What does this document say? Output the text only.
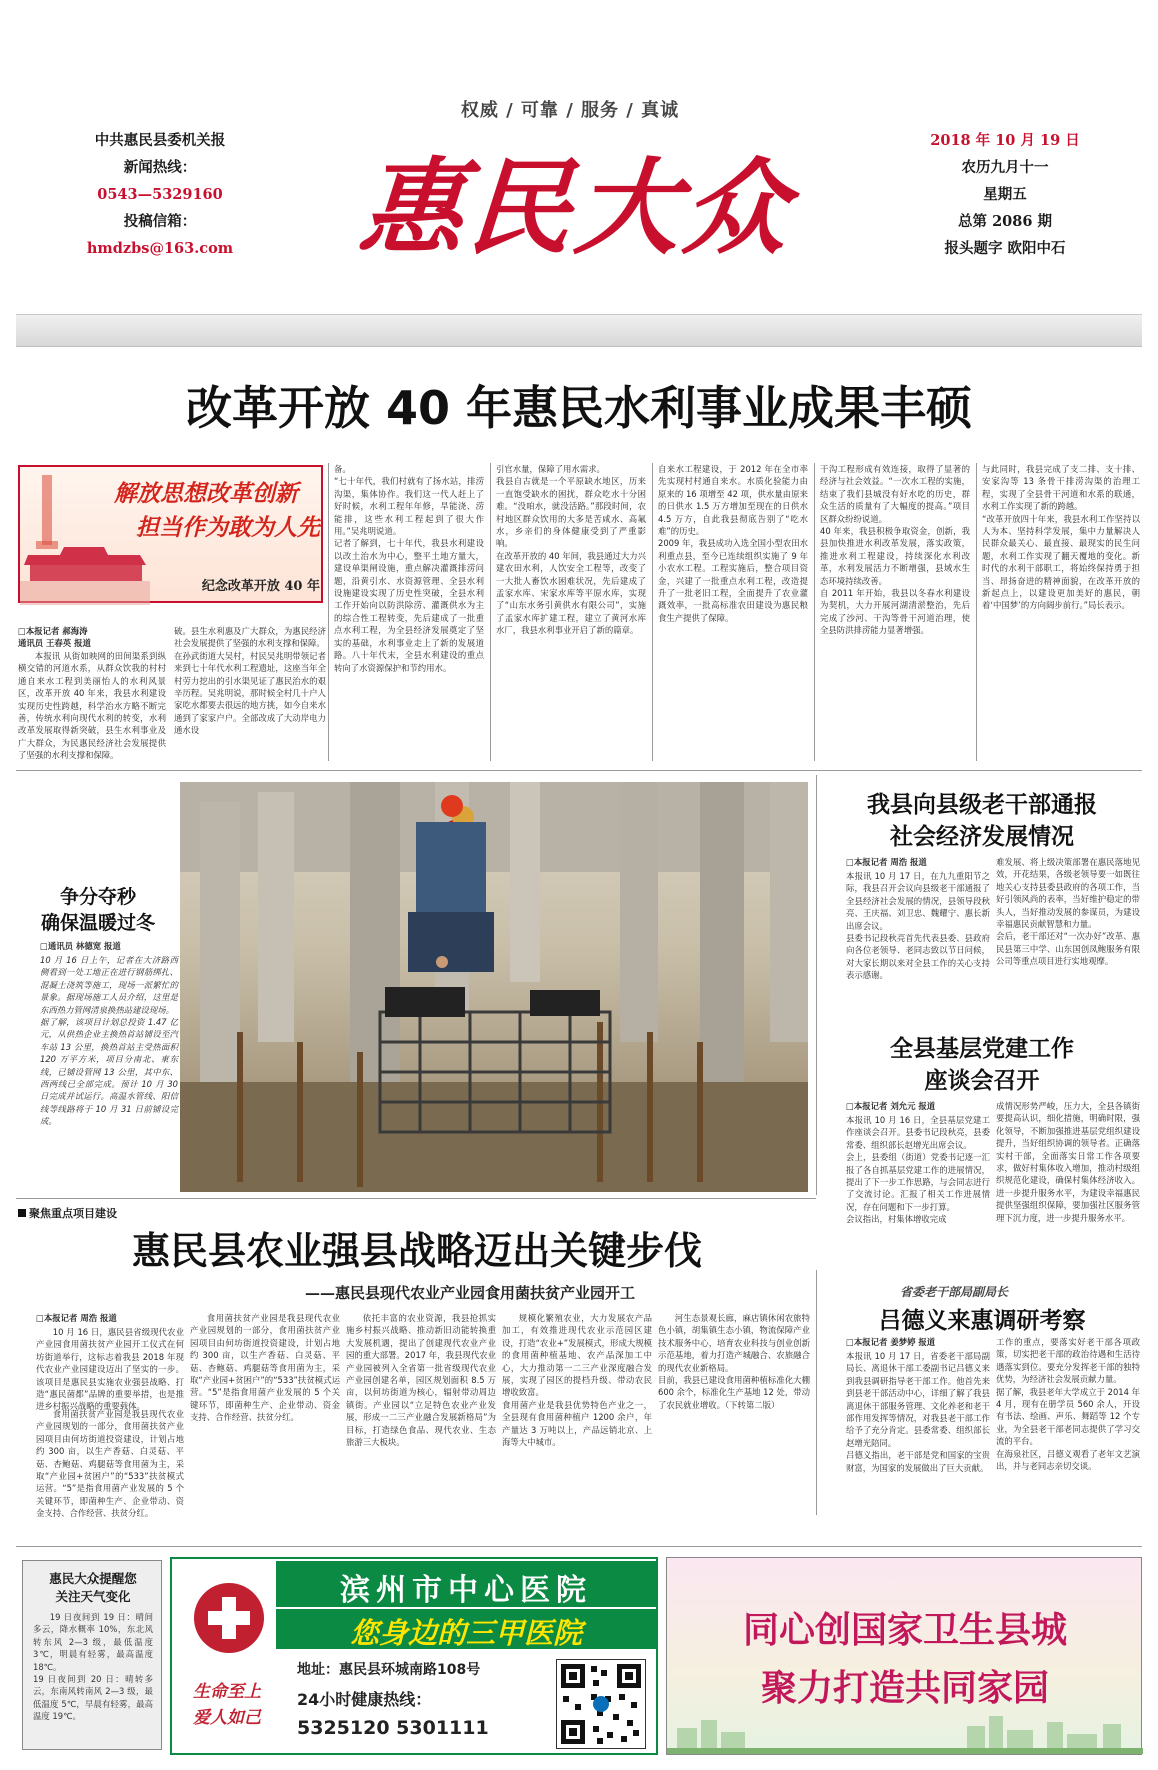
权威 / 可靠 / 服务 / 真诚
中共惠民县委机关报
新闻热线：
0543—5329160
投稿信箱：
hmdzbs@163.com 惠民大众
2018 年 10 月 19 日
农历九月十一
星期五
总第 2086 期
报头题字 欧阳中石
改革开放 40 年惠民水利事业成果丰硕
解放思想改革创新
担当作为敢为人先
纪念改革开放 40 年
□本报记者 郝海涛
通讯员 王春英 报道
本报讯 从街如映网的田间渠系到纵横交错的河道水系，从群众饮我的村村通自来水工程到美丽怡人的水利风景区，改革开放 40 年来，我县水利建设实现历史性跨越，科学治水方略不断完善，传统水利向现代水利的转变，水利改革发展取得新突破，县生水利事业及广大群众，为民惠民经济社会发展提供了坚强的水利支撑和保障。
破。县生水利惠及广大群众，为惠民经济社会发展提供了坚强的水利支撑和保障。
在孙武街道大吴村，村民吴兆明带领记者来到七十年代水利工程遗址，这座当年全村劳力挖出的引水渠见证了惠民治水的艰辛历程。吴兆明说，那时候全村几十户人家吃水都要去很远的地方挑，如今自来水通到了家家户户。全部改成了大动岸电力通水设
备。
“七十年代，我们村就有了扬水站，排涝沟渠，集体协作。我们这一代人赶上了好时候，水利工程年年修，旱能浇、涝能排，这些水利工程起到了很大作用。”吴兆明说道。
记者了解到，七十年代，我县水利建设以改土治水为中心，整平土地方量大，建设单渠闸设施，重点解决灌溉排涝问题，沿黄引水、水资源管理、全县水利设施建设实现了历史性突破，全县水利工作开始向以防洪除涝、灌溉供水为主的综合性工程转变，先后建成了一批重点水利工程，为全县经济发展奠定了坚实的基础，水利事业走上了新的发展道路。八十年代末，全县水利建设的重点转向了水资源保护和节约用水。
引官水量，保障了用水需求。
我县自古就是一个平原缺水地区，历来一直饱受缺水的困扰，群众吃水十分困难。“没咱水，就没活路。”那段时间，农村地区群众饮用的大多是苦咸水、高氟水，乡亲们的身体健康受到了严重影响。
在改革开放的 40 年间，我县通过大力兴建农田水利，人饮安全工程等，改变了一大批人畜饮水困难状况，先后建成了孟家水库、宋家水库等平原水库，实现了“山东水务引黄供水有限公司”，实施了孟家水库扩建工程，建立了黄河水库水厂，我县水利事业开启了新的篇章。
自来水工程建设，于 2012 年在全市率先实现村村通自来水。水质化验能力由原来的 16 项增至 42 项，供水量由原来的日供水 1.5 万方增加至现在的日供水 4.5 万方，自此我县彻底告别了“吃水难”的历史。
2009 年，我县成功入选全国小型农田水利重点县，至今已连续组织实施了 9 年小农水工程。工程实施后，整合项目资金，兴建了一批重点水利工程，改造提升了一批老旧工程，全面提升了农业灌溉效率，一批高标准农田建设为惠民粮食生产提供了保障。
干沟工程形成有效连接，取得了显著的经济与社会效益。“一次水工程的实施，结束了我们县城没有好水吃的历史，群众生活的质量有了大幅度的提高。”项目区群众纷纷说道。
40 年来，我县积极争取资金，创新，我县加快推进水利改革发展，落实政策，推进水利工程建设，持续深化水利改革，水利发展活力不断增强，县域水生态环境持续改善。
自 2011 年开始，我县以冬春水利建设为契机，大力开展河湖清淤整治，先后完成了沙河、干沟等骨干河道治理，使全县防洪排涝能力显著增强。
与此同时，我县完成了支二排、支十排、安家沟等 13 条骨干排涝沟渠的治理工程，实现了全县骨干河道和水系的联通，水利工作实现了新的跨越。
“改革开放四十年来，我县水利工作坚持以人为本、坚持科学发展，集中力量解决人民群众最关心、最直接、最现实的民生问题，水利工作实现了翻天覆地的变化。新时代的水利干部职工，将始终保持勇于担当、昂扬奋进的精神面貌，在改革开放的新起点上，以建设更加美好的惠民，朝着‘中国梦’的方向阔步前行。”局长表示。
争分夺秒
确保温暖过冬
□通讯员 林德宽 报道
10 月 16 日上午，记者在大济路西侧看到一处工地正在进行钢筋绑扎、混凝土浇筑等施工，现场一派繁忙的景象。据现场施工人员介绍，这里是东西热力管网清泉换热站建设现场。
据了解，该项目计划总投资 1.47 亿元，从供热企业主换热首站铺设至汽车站 13 公里，换热首站主受热面积 120 万平方米，项目分南北、東东线，已铺设管网 13 公里，其中东、西两线已全部完成。预计 10 月 30 日完成并试运行。高温水管线、阳信线等线路将于 10 月 31 日前铺设完成。
我县向县级老干部通报
社会经济发展情况
□本报记者 周浩 报道
本报讯 10 月 17 日，在九九重阳节之际，我县召开会议向县级老干部通报了全县经济社会发展的情况，县领导段秋亮、王庆福、刘卫忠、魏耀宁、惠长新出席会议。
县委书记段秋亮首先代表县委、县政府向各位老领导、老同志致以节日问候，对大家长期以来对全县工作的关心支持表示感谢。
难发展、将上级决策部署在惠民落地见效，开花结果，各级老领导要一如既往地关心支持县委县政府的各项工作，当好引领风尚的表率，当好维护稳定的带头人，当好推动发展的参谋员，为建设幸福惠民贡献智慧和力量。
会后，老干部还对“一次办好”改革、惠民县第三中学、山东国创凤鲍服务有限公司等重点项目进行实地观摩。
全县基层党建工作
座谈会召开
□本报记者 刘允元 报道
本报讯 10 月 16 日，全县基层党建工作座谈会召开。县委书记段秋亮，县委常委、组织部长赵增光出席会议。
会上，县委组（街道）党委书记逐一汇报了各自抓基层党建工作的进展情况，提出了下一步工作思路，与会同志进行了交流讨论。汇报了相关工作进展情况，存在问题和下一步打算。
会议指出，村集体增收完成
成情况形势严峻，压力大，全县各镇街要提高认识，细化措施，明确时限，强化领导，不断加强推进基层党组织建设提升，当好组织协调的领导者。正确落实村干部，全面落实日常工作各项要求，做好村集体收入增加，推动村级组织规范化建设，确保村集体经济收入。进一步提升服务水平，为建设幸福惠民提供坚强组织保障，要加强社区服务管理下沉力度，进一步提升服务水平。
聚焦重点项目建设
惠民县农业强县战略迈出关键步伐
——惠民县现代农业产业园食用菌扶贫产业园开工
□本报记者 周浩 报道
10 月 16 日，惠民县省级现代农业产业园食用菌扶贫产业园开工仪式在何坊街道举行，这标志着我县 2018 年现代农业产业园建设迈出了坚实的一步。该项目是惠民县实施农业强县战略、打造“惠民菌都”品牌的重要举措，也是推进乡村振兴战略的重要载体。
食用菌扶贫产业园是我县现代农业产业园规划的一部分，食用菌扶贫产业园项目由何坊街道投资建设，计划占地约 300 亩，以生产香菇、白灵菇、平菇、杏鲍菇、鸡腿菇等食用菌为主，采取“产业园+贫困户”的“533”扶贫模式运营。“5”是指食用菌产业发展的 5 个关键环节，即菌种生产、企业带动、资金支持、合作经营、扶贫分红。
食用菌扶贫产业园是我县现代农业产业园规划的一部分，食用菌扶贫产业园项目由何坊街道投资建设，计划占地约 300 亩，以生产香菇、白灵菇、平菇、杏鲍菇、鸡腿菇等食用菌为主，采取“产业园+贫困户”的“533”扶贫模式运营。“5”是指食用菌产业发展的 5 个关键环节，即菌种生产、企业带动、资金支持、合作经营、扶贫分红。
依托丰富的农业资源，我县抢抓实施乡村振兴战略、推动新旧动能转换重大发展机遇，提出了创建现代农业产业园的重大部署。2017 年，我县现代农业产业园被列入全省第一批省级现代农业产业园创建名单，园区规划面积 8.5 万亩，以何坊街道为核心，辐射带动周边镇街。产业园以“立足特色农业产业发展，形成一二三产业融合发展新格局”为目标，打造绿色食品、现代农业、生态旅游三大板块。
规模化繁殖农业，大力发展农产品加工，有效推进现代农业示范园区建设，打造“农业+”发展模式，形成大规模的食用菌种植基地、农产品深加工中心，大力推动第一二三产业深度融合发展，实现了园区的提档升级、带动农民增收致富。
食用菌产业是我县优势特色产业之一，全县现有食用菌种植户 1200 余户，年产量达 3 万吨以上，产品远销北京、上海等大中城市。
河生态景观长廊，麻店镇休闲农旅特色小镇，胡集镇生态小镇，物流保障产业技术服务中心，培育农业科技与创业创新示范基地，着力打造产城融合、农旅融合的现代农业新格局。
目前，我县已建设食用菌种植标准化大棚 600 余个，标准化生产基地 12 处，带动了农民就业增收。（下转第二版）
省委老干部局副局长
吕德义来惠调研考察
□本报记者 姜梦婷 报道
本报讯 10 月 17 日，省委老干部局副局长、离退休干部工委副书记吕德义来到我县调研指导老干部工作。他首先来到县老干部活动中心，详细了解了我县离退休干部服务管理、文化养老和老干部作用发挥等情况，对我县老干部工作给予了充分肯定。县委常委、组织部长赵增光陪同。
吕德义指出，老干部是党和国家的宝贵财富，为国家的发展做出了巨大贡献。
工作的重点，要落实好老干部各项政策，切实把老干部的政治待遇和生活待遇落实到位。要充分发挥老干部的独特优势，为经济社会发展贡献力量。
据了解，我县老年大学成立于 2014 年 4 月，现有在册学员 560 余人，开设有书法、绘画、声乐、舞蹈等 12 个专业，为全县老干部老同志提供了学习交流的平台。
在海泉社区，吕德义观看了老年文艺演出，并与老同志亲切交谈。
惠民大众提醒您
关注天气变化
19 日夜间到 19 日：晴间多云，降水概率 10%，东北风转东风 2—3 级，最低温度 3℃，明晨有轻雾，最高温度 18℃。
19 日夜间到 20 日：晴转多云，东南风转南风 2—3 级，最低温度 5℃，早晨有轻雾，最高温度 19℃。
生命至上 爱人如己
滨州市中心医院
您身边的三甲医院
地址：惠民县环城南路108号
24小时健康热线：
5325120 5301111
同心创国家卫生县城
聚力打造共同家园
